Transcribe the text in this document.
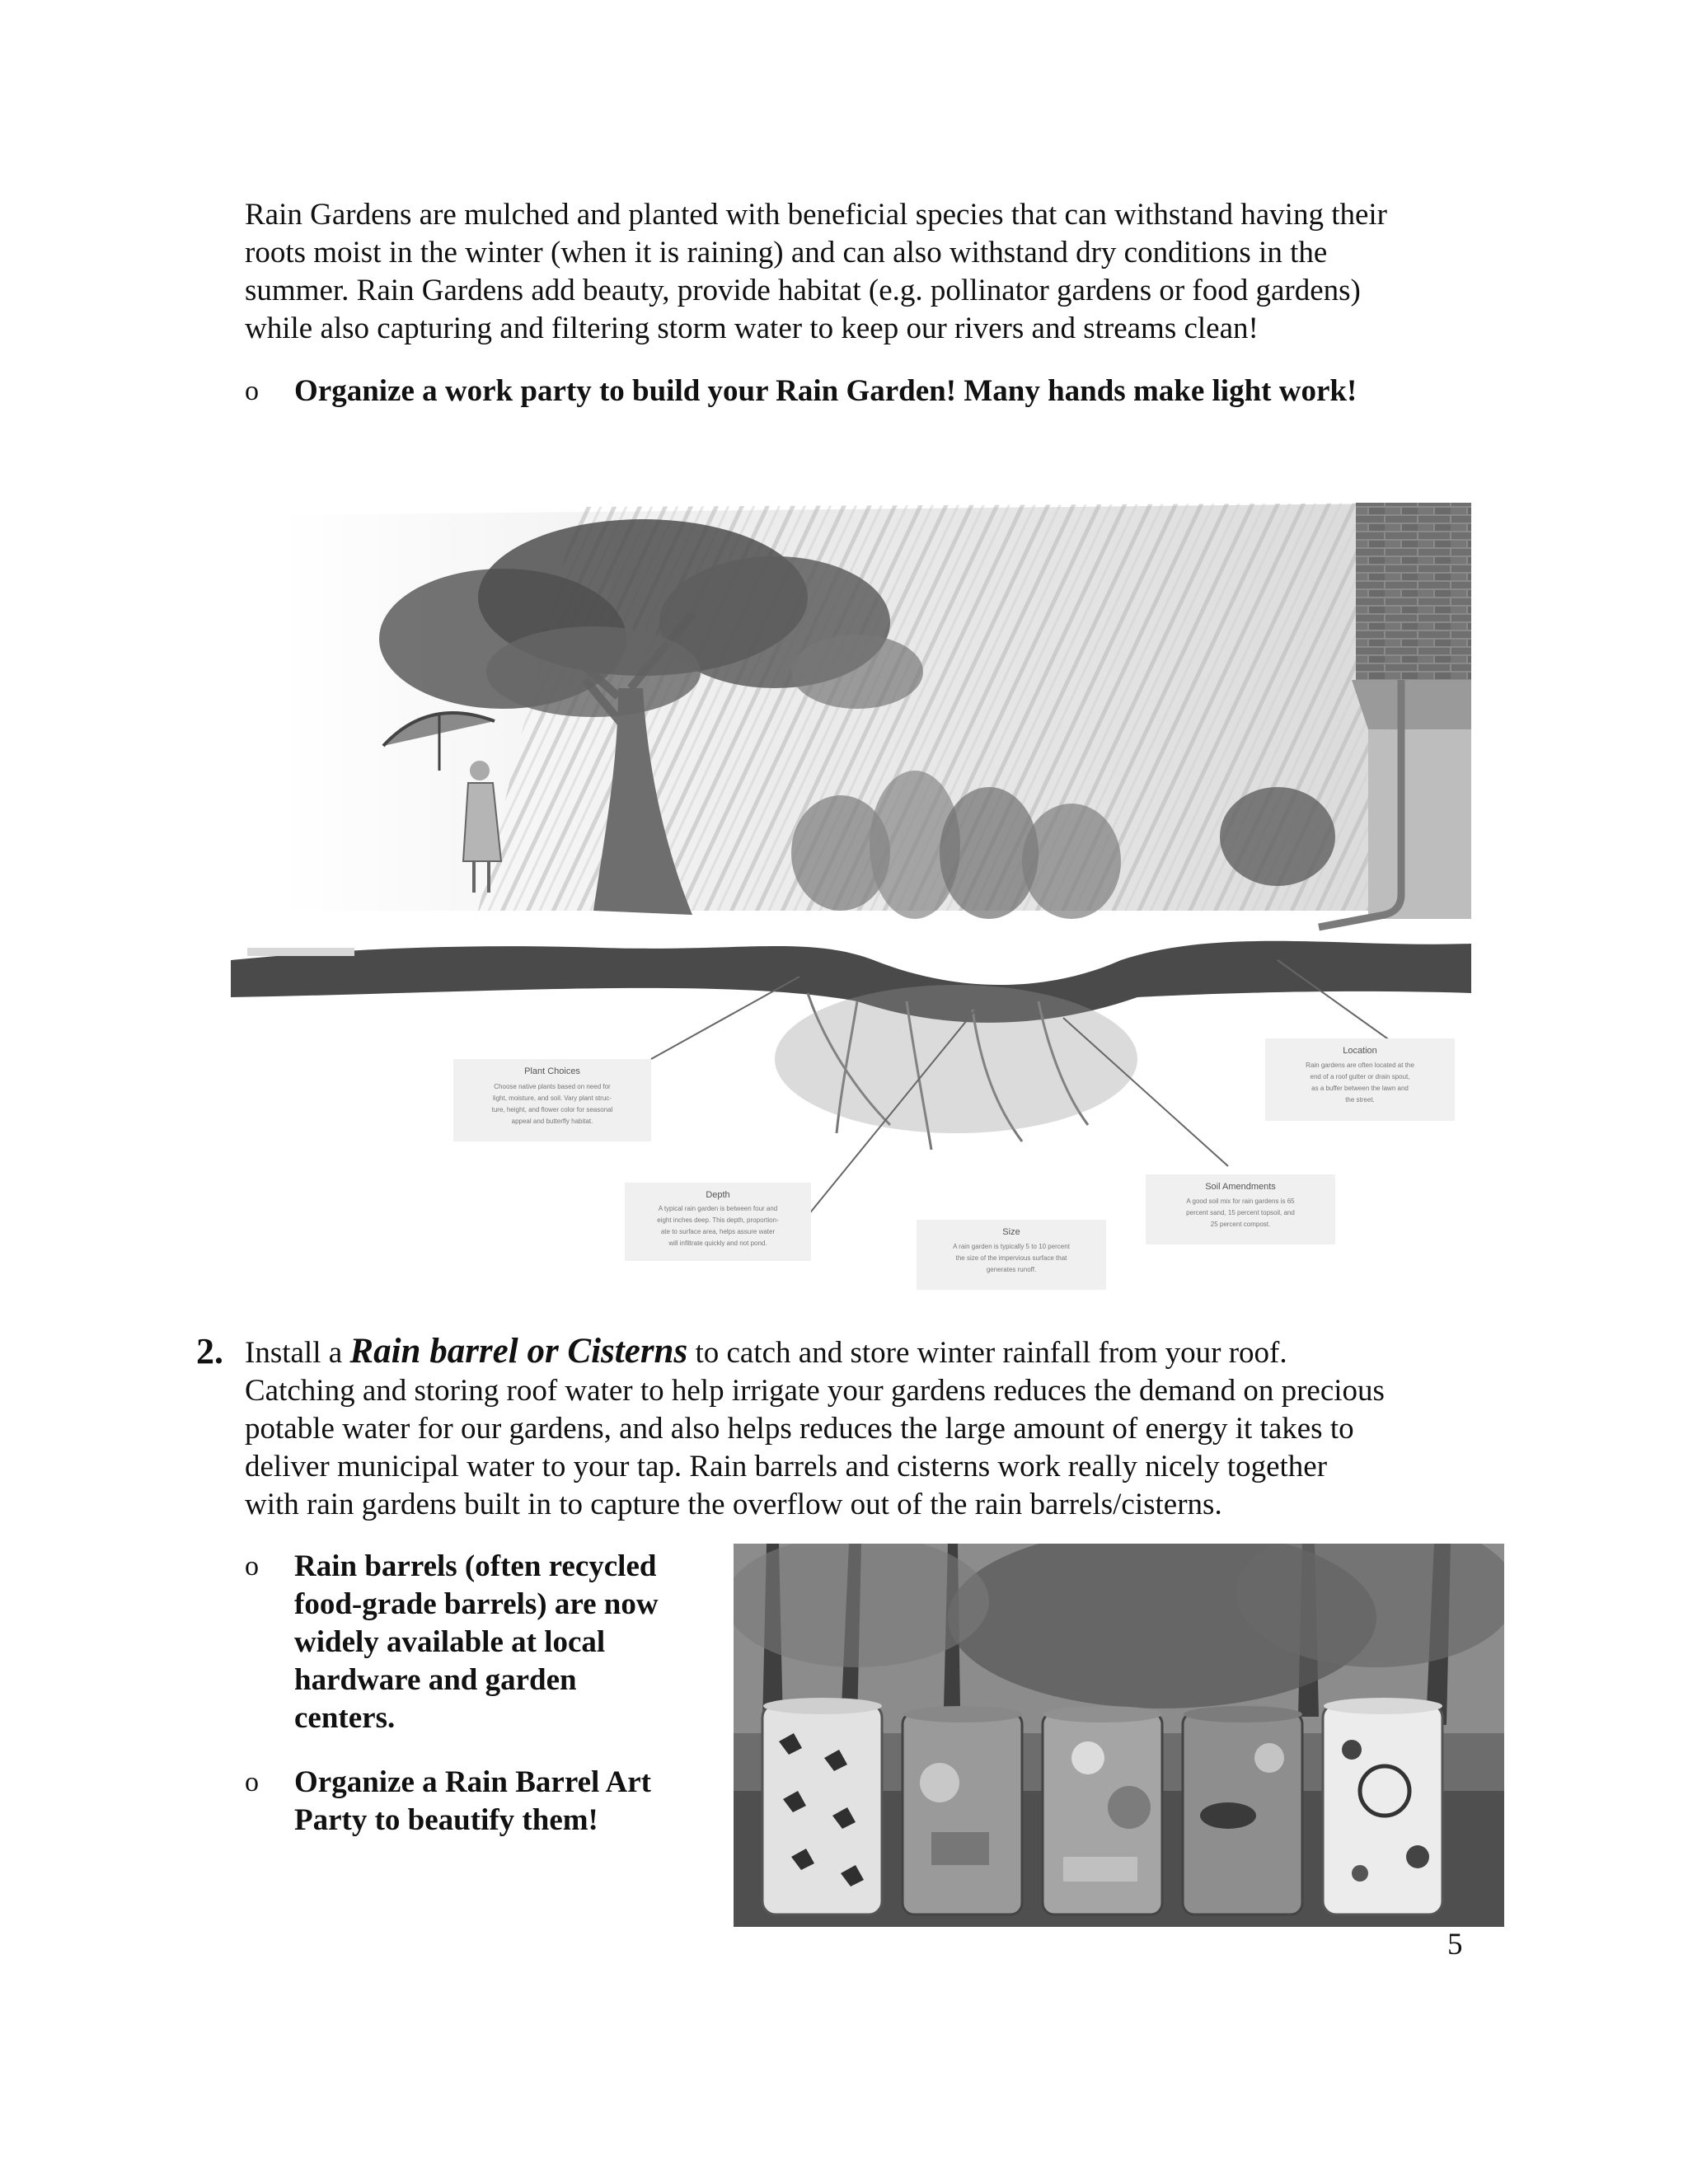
Rain Gardens are mulched and planted with beneficial species that can withstand having their
roots moist in the winter (when it is raining) and can also withstand dry conditions in the
summer. Rain Gardens add beauty, provide habitat (e.g. pollinator gardens or food gardens)
while also capturing and filtering storm water to keep our rivers and streams clean!
o	Organize a work party to build your Rain Garden! Many hands make light work!
Plant Choices
Choose native plants based on need for
light, moisture, and soil. Vary plant struc-
ture, height, and flower color for seasonal
appeal and butterfly habitat.
Depth
A typical rain garden is between four and
eight inches deep. This depth, proportion-
ate to surface area, helps assure water
will infiltrate quickly and not pond.
Size
A rain garden is typically 5 to 10 percent
the size of the impervious surface that
generates runoff.
Soil Amendments
A good soil mix for rain gardens is 65
percent sand, 15 percent topsoil, and
25 percent compost.
Location
Rain gardens are often located at the
end of a roof gutter or drain spout,
as a buffer between the lawn and
the street.
2. Install a Rain barrel or Cisterns to catch and store winter rainfall from your roof.
Catching and storing roof water to help irrigate your gardens reduces the demand on precious
potable water for our gardens, and also helps reduces the large amount of energy it takes to
deliver municipal water to your tap. Rain barrels and cisterns work really nicely together
with rain gardens built in to capture the overflow out of the rain barrels/cisterns.
o	Rain barrels (often recycled
food-grade barrels) are now
widely available at local
hardware and garden
centers.
o	Organize a Rain Barrel Art
Party to beautify them!
5
